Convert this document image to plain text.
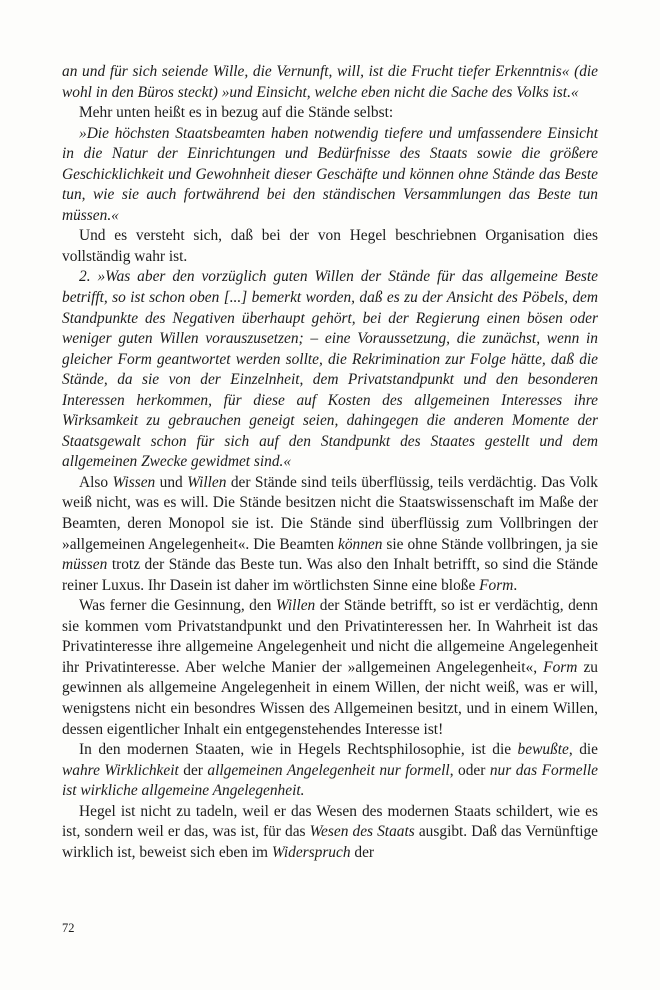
an und für sich seiende Wille, die Vernunft, will, ist die Frucht tiefer Erkenntnis« (die wohl in den Büros steckt) »und Einsicht, welche eben nicht die Sache des Volks ist.«

Mehr unten heißt es in bezug auf die Stände selbst:

»Die höchsten Staatsbeamten haben notwendig tiefere und umfassendere Einsicht in die Natur der Einrichtungen und Bedürfnisse des Staats sowie die größere Geschicklichkeit und Gewohnheit dieser Geschäfte und können ohne Stände das Beste tun, wie sie auch fortwährend bei den ständischen Versammlungen das Beste tun müssen.«

Und es versteht sich, daß bei der von Hegel beschriebnen Organisation dies vollständig wahr ist.

2. »Was aber den vorzüglich guten Willen der Stände für das allgemeine Beste betrifft, so ist schon oben [...] bemerkt worden, daß es zu der Ansicht des Pöbels, dem Standpunkte des Negativen überhaupt gehört, bei der Regierung einen bösen oder weniger guten Willen vorauszusetzen; – eine Voraussetzung, die zunächst, wenn in gleicher Form geantwortet werden sollte, die Rekrimination zur Folge hätte, daß die Stände, da sie von der Einzelnheit, dem Privatstandpunkt und den besonderen Interessen herkommen, für diese auf Kosten des allgemeinen Interesses ihre Wirksamkeit zu gebrauchen geneigt seien, dahingegen die anderen Momente der Staatsgewalt schon für sich auf den Standpunkt des Staates gestellt und dem allgemeinen Zwecke gewidmet sind.«

Also Wissen und Willen der Stände sind teils überflüssig, teils verdächtig. Das Volk weiß nicht, was es will. Die Stände besitzen nicht die Staatswissenschaft im Maße der Beamten, deren Monopol sie ist. Die Stände sind überflüssig zum Vollbringen der »allgemeinen Angelegenheit«. Die Beamten können sie ohne Stände vollbringen, ja sie müssen trotz der Stände das Beste tun. Was also den Inhalt betrifft, so sind die Stände reiner Luxus. Ihr Dasein ist daher im wörtlichsten Sinne eine bloße Form.

Was ferner die Gesinnung, den Willen der Stände betrifft, so ist er verdächtig, denn sie kommen vom Privatstandpunkt und den Privatinteressen her. In Wahrheit ist das Privatinteresse ihre allgemeine Angelegenheit und nicht die allgemeine Angelegenheit ihr Privatinteresse. Aber welche Manier der »allgemeinen Angelegenheit«, Form zu gewinnen als allgemeine Angelegenheit in einem Willen, der nicht weiß, was er will, wenigstens nicht ein besondres Wissen des Allgemeinen besitzt, und in einem Willen, dessen eigentlicher Inhalt ein entgegenstehendes Interesse ist!

In den modernen Staaten, wie in Hegels Rechtsphilosophie, ist die bewußte, die wahre Wirklichkeit der allgemeinen Angelegenheit nur formell, oder nur das Formelle ist wirkliche allgemeine Angelegenheit.

Hegel ist nicht zu tadeln, weil er das Wesen des modernen Staats schildert, wie es ist, sondern weil er das, was ist, für das Wesen des Staats ausgibt. Daß das Vernünftige wirklich ist, beweist sich eben im Widerspruch der

72
